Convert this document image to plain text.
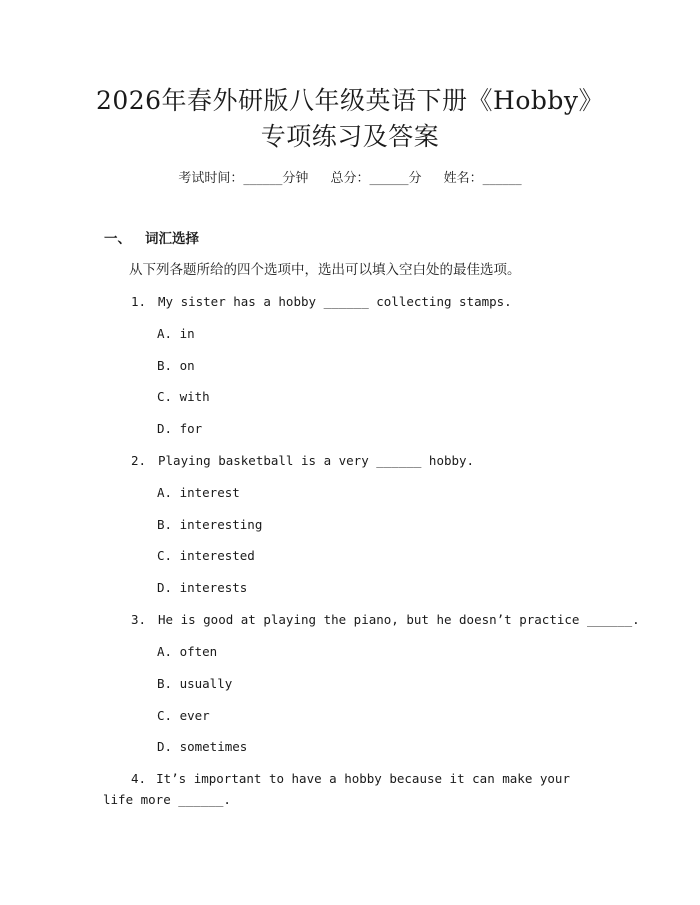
2026年春外研版八年级英语下册《Hobby》
专项练习及答案
考试时间：______分钟 总分：______分 姓名：______
一、 词汇选择
从下列各题所给的四个选项中，选出可以填入空白处的最佳选项。
1. My sister has a hobby ______ collecting stamps.
A. in
B. on
C. with
D. for
2. Playing basketball is a very ______ hobby.
A. interest
B. interesting
C. interested
D. interests
3. He is good at playing the piano, but he doesn’t practice ______.
A. often
B. usually
C. ever
D. sometimes
4. It’s important to have a hobby because it can make your life more ______.
